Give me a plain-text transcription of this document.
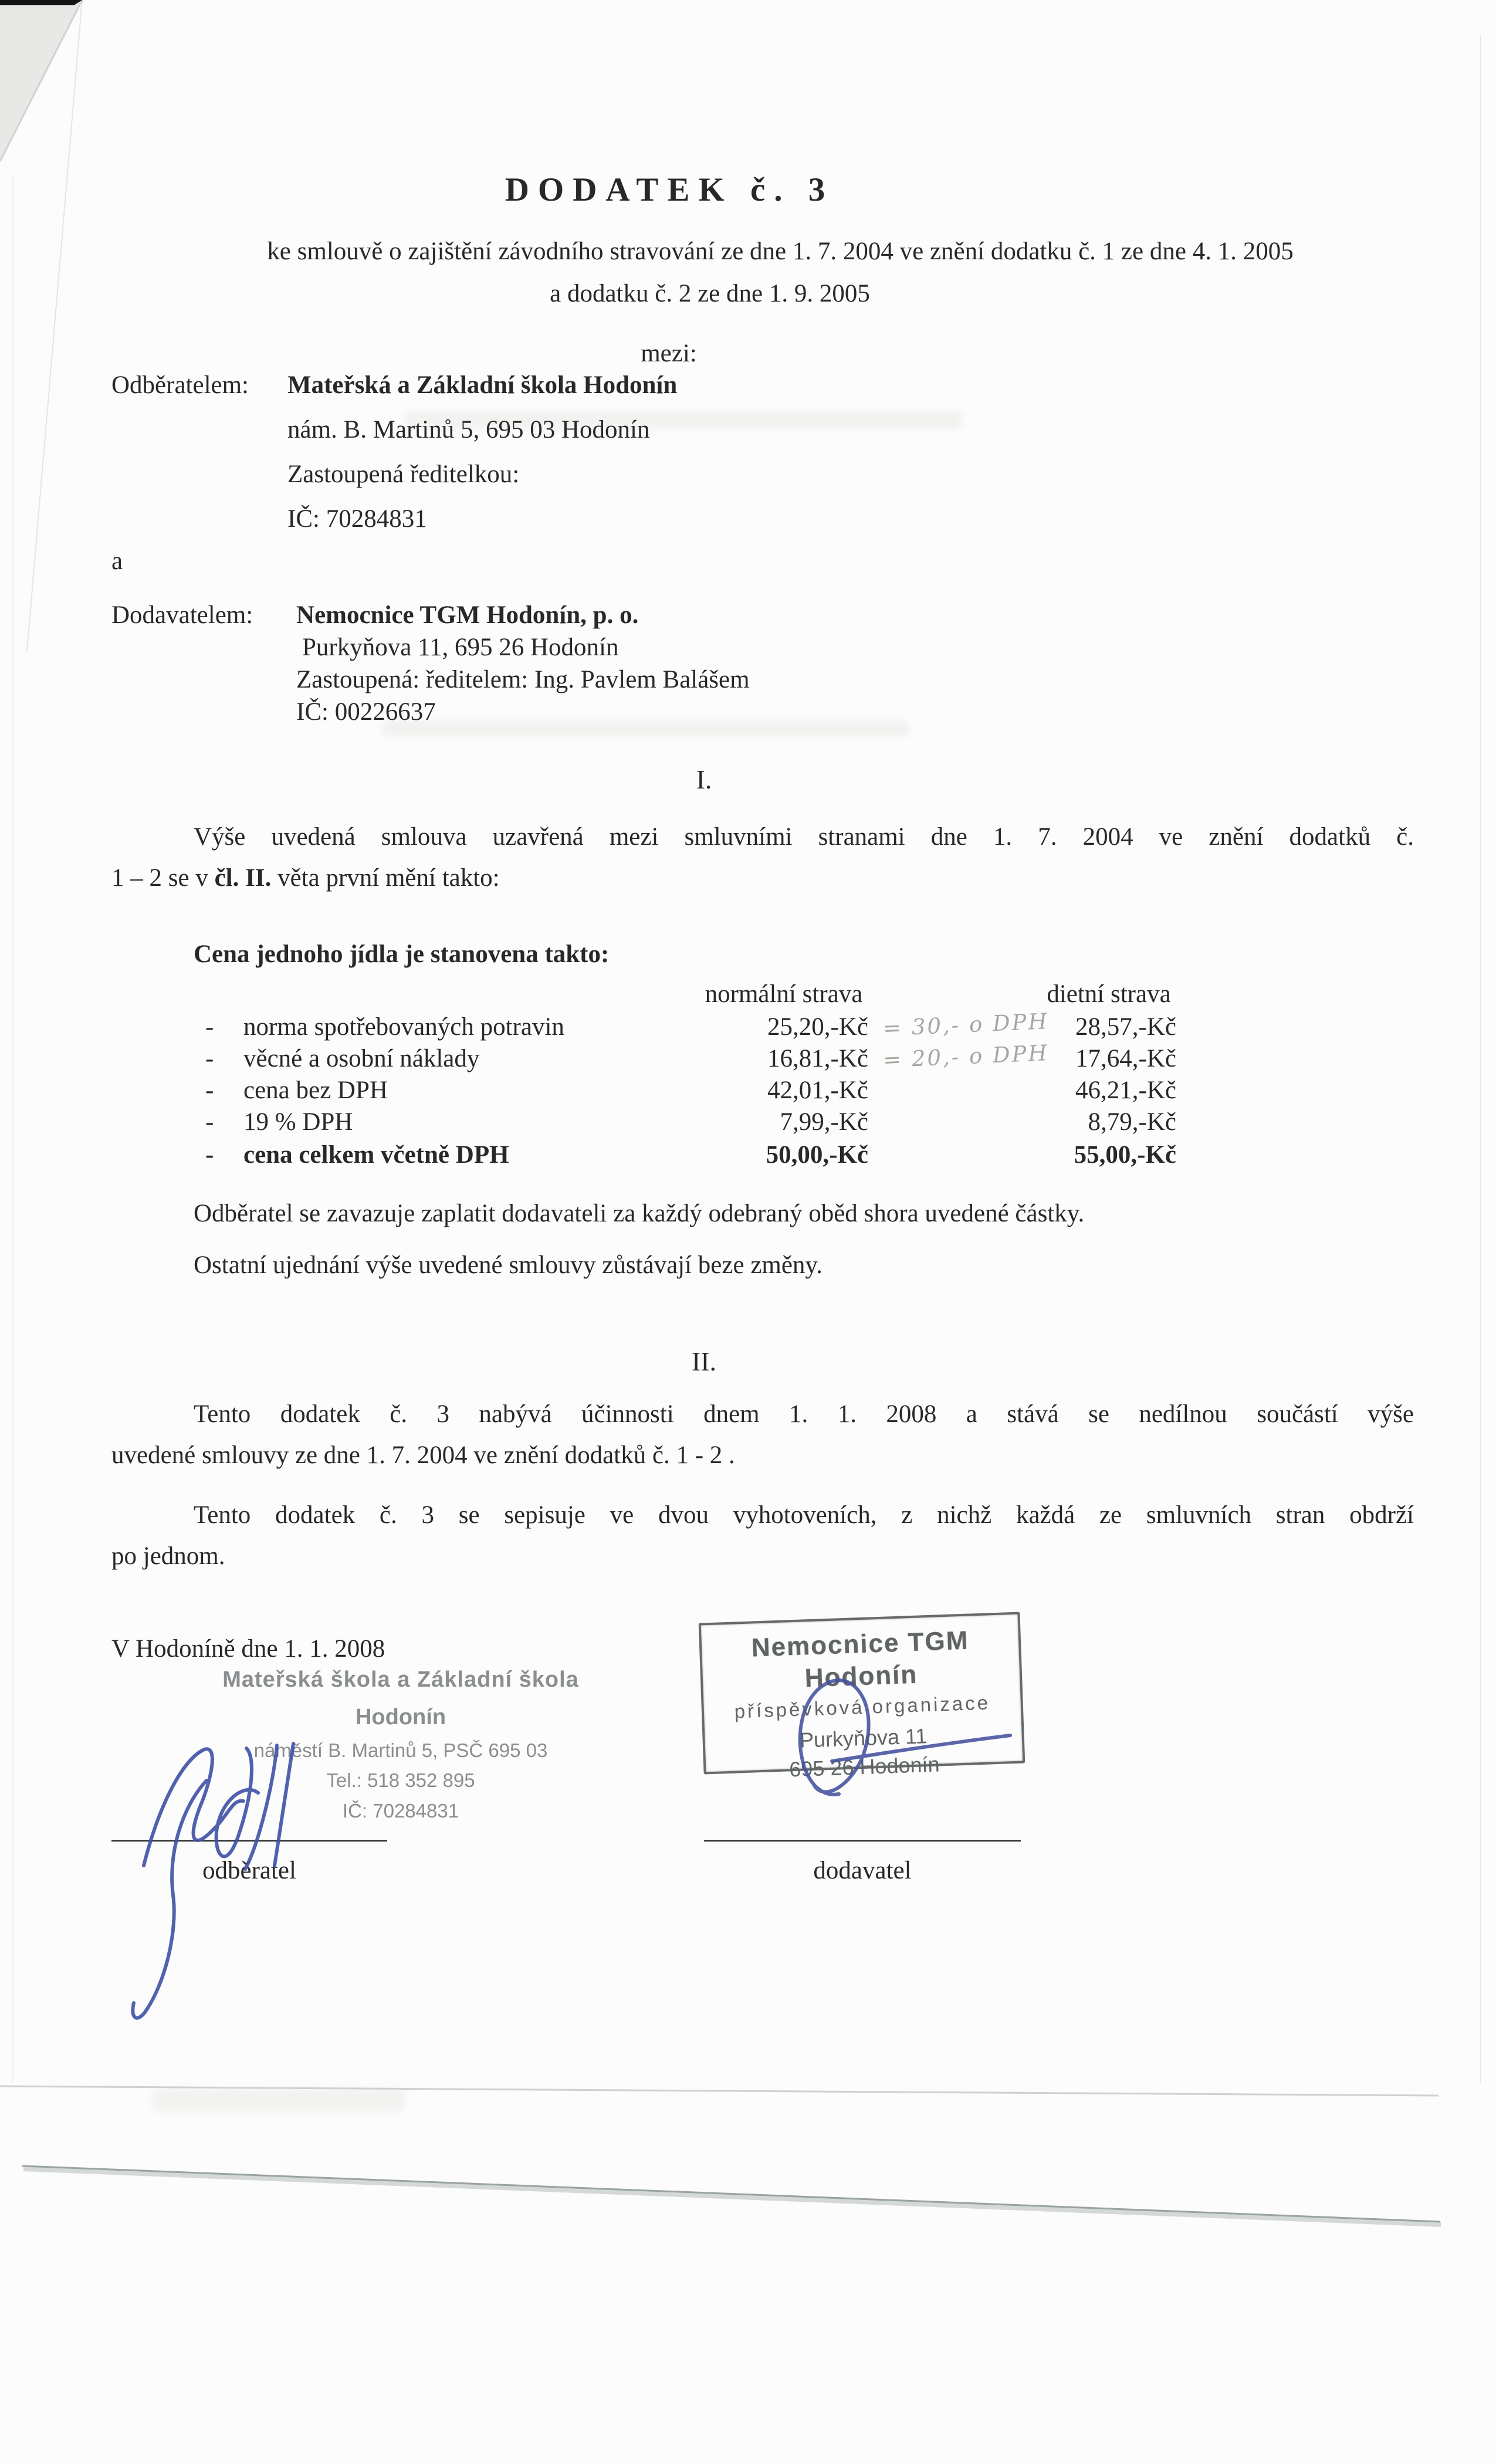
DODATEK č. 3
ke smlouvě o zajištění závodního stravování ze dne 1. 7. 2004 ve znění dodatku č. 1 ze dne 4. 1. 2005
a dodatku č. 2 ze dne 1. 9. 2005
mezi:
Odběratelem: Mateřská a Základní škola Hodonín
nám. B. Martinů 5, 695 03 Hodonín
Zastoupená ředitelkou:
IČ: 70284831
a
Dodavatelem: Nemocnice TGM Hodonín, p. o.
Purkyňova 11, 695 26 Hodonín
Zastoupená: ředitelem: Ing. Pavlem Balášem
IČ: 00226637
I.
Výše uvedená smlouva uzavřená mezi smluvními stranami dne 1. 7. 2004 ve znění dodatků č.
1 – 2 se v čl. II. věta první mění takto:
Cena jednoho jídla je stanovena takto:
normální strava	dietní strava
- norma spotřebovaných potravin	25,20,-Kč = 30,- o DPH	28,57,-Kč
- věcné a osobní náklady	16,81,-Kč = 20,- o DPH	17,64,-Kč
- cena bez DPH	42,01,-Kč	46,21,-Kč
- 19 % DPH	7,99,-Kč	8,79,-Kč
- cena celkem včetně DPH	50,00,-Kč	55,00,-Kč
Odběratel se zavazuje zaplatit dodavateli za každý odebraný oběd shora uvedené částky.
Ostatní ujednání výše uvedené smlouvy zůstávají beze změny.
II.
Tento dodatek č. 3 nabývá účinnosti dnem 1. 1. 2008 a stává se nedílnou součástí výše
uvedené smlouvy ze dne 1. 7. 2004 ve znění dodatků č. 1 - 2 .
Tento dodatek č. 3 se sepisuje ve dvou vyhotoveních, z nichž každá ze smluvních stran obdrží
po jednom.
V Hodoníně dne 1. 1. 2008
Mateřská škola a Základní škola
Hodonín
náměstí B. Martinů 5, PSČ 695 03
Tel.: 518 352 895
IČ: 70284831
Nemocnice TGM Hodonín
příspěvková organizace
Purkyňova 11
695 26 Hodonín
odběratel	dodavatel
